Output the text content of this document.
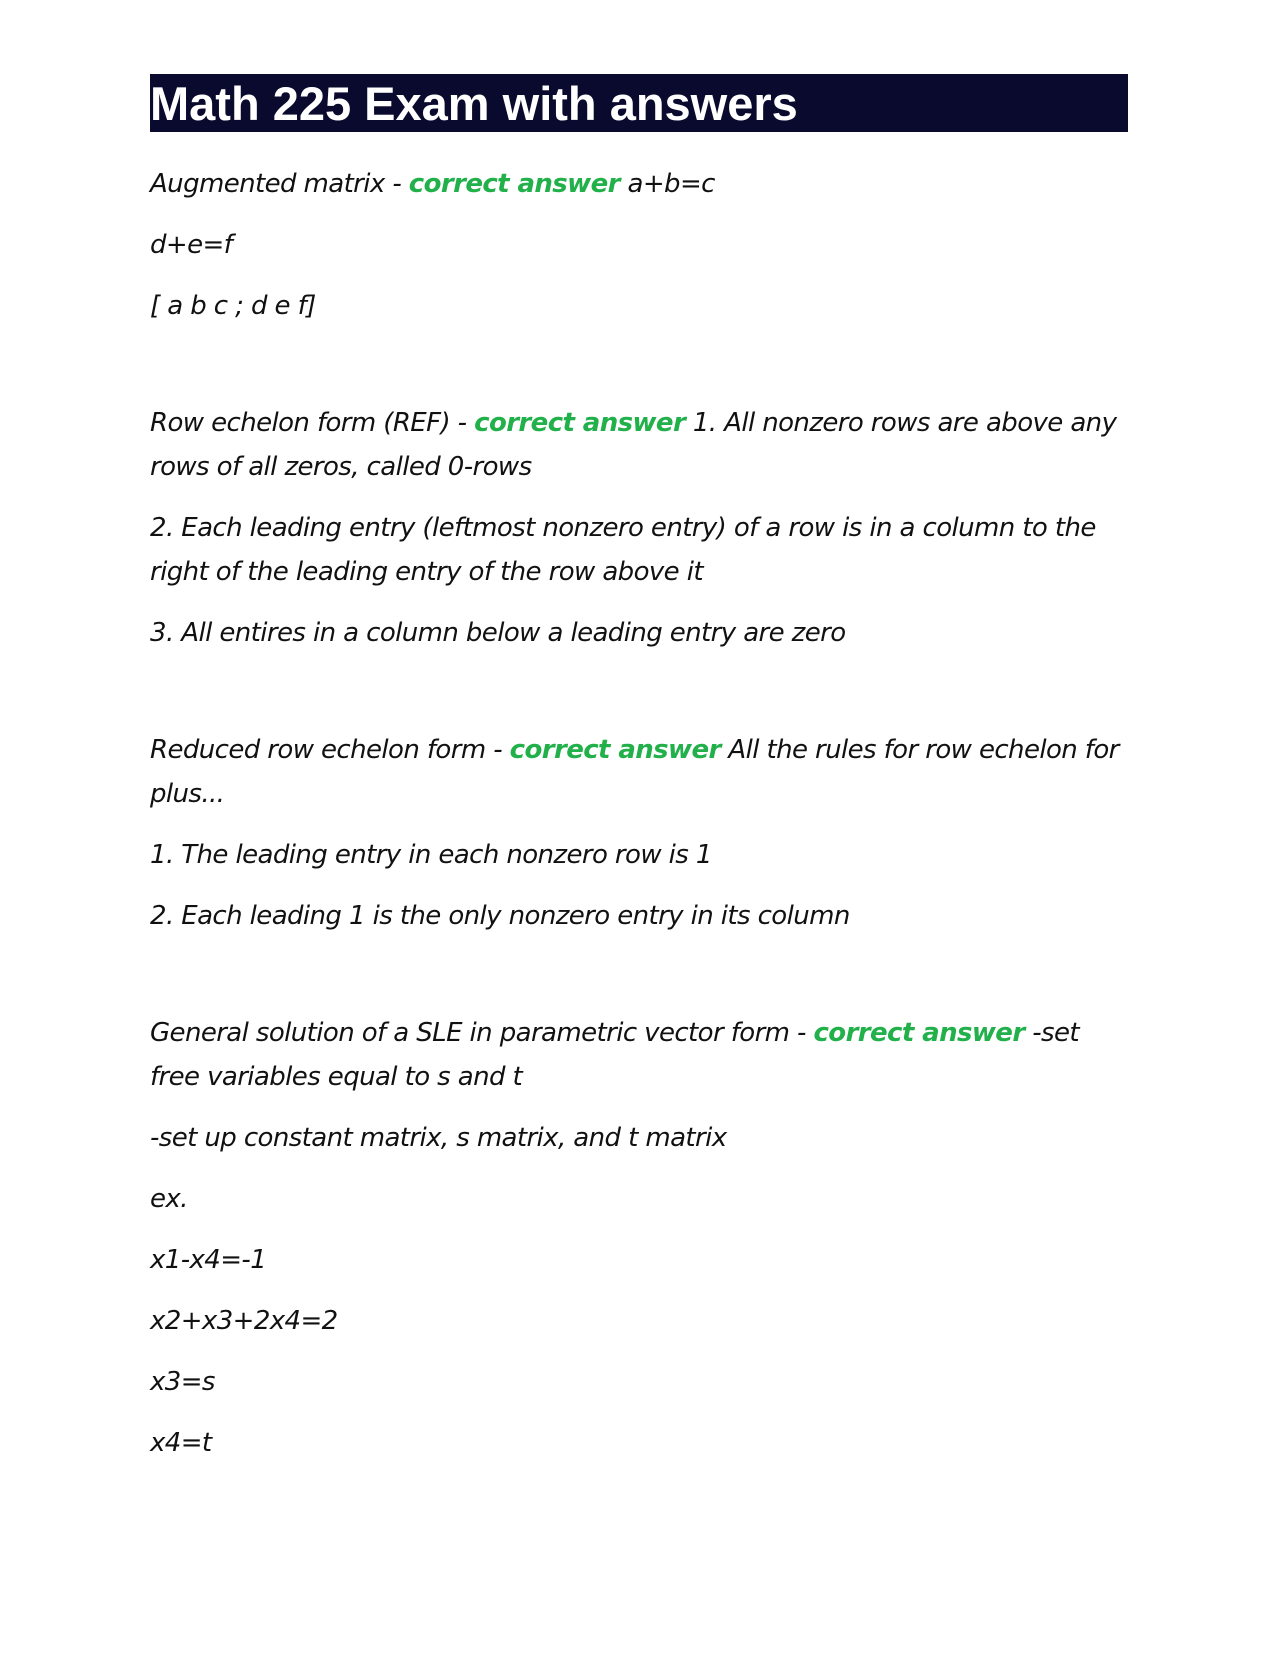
Math 225 Exam with answers

Augmented matrix - correct answer a+b=c

d+e=f

[ a b c ; d e f]

Row echelon form (REF) - correct answer 1. All nonzero rows are above any rows of all zeros, called 0-rows

2. Each leading entry (leftmost nonzero entry) of a row is in a column to the right of the leading entry of the row above it

3. All entires in a column below a leading entry are zero

Reduced row echelon form - correct answer All the rules for row echelon for plus...

1. The leading entry in each nonzero row is 1

2. Each leading 1 is the only nonzero entry in its column

General solution of a SLE in parametric vector form - correct answer -set free variables equal to s and t

-set up constant matrix, s matrix, and t matrix

ex.

x1-x4=-1

x2+x3+2x4=2

x3=s

x4=t
